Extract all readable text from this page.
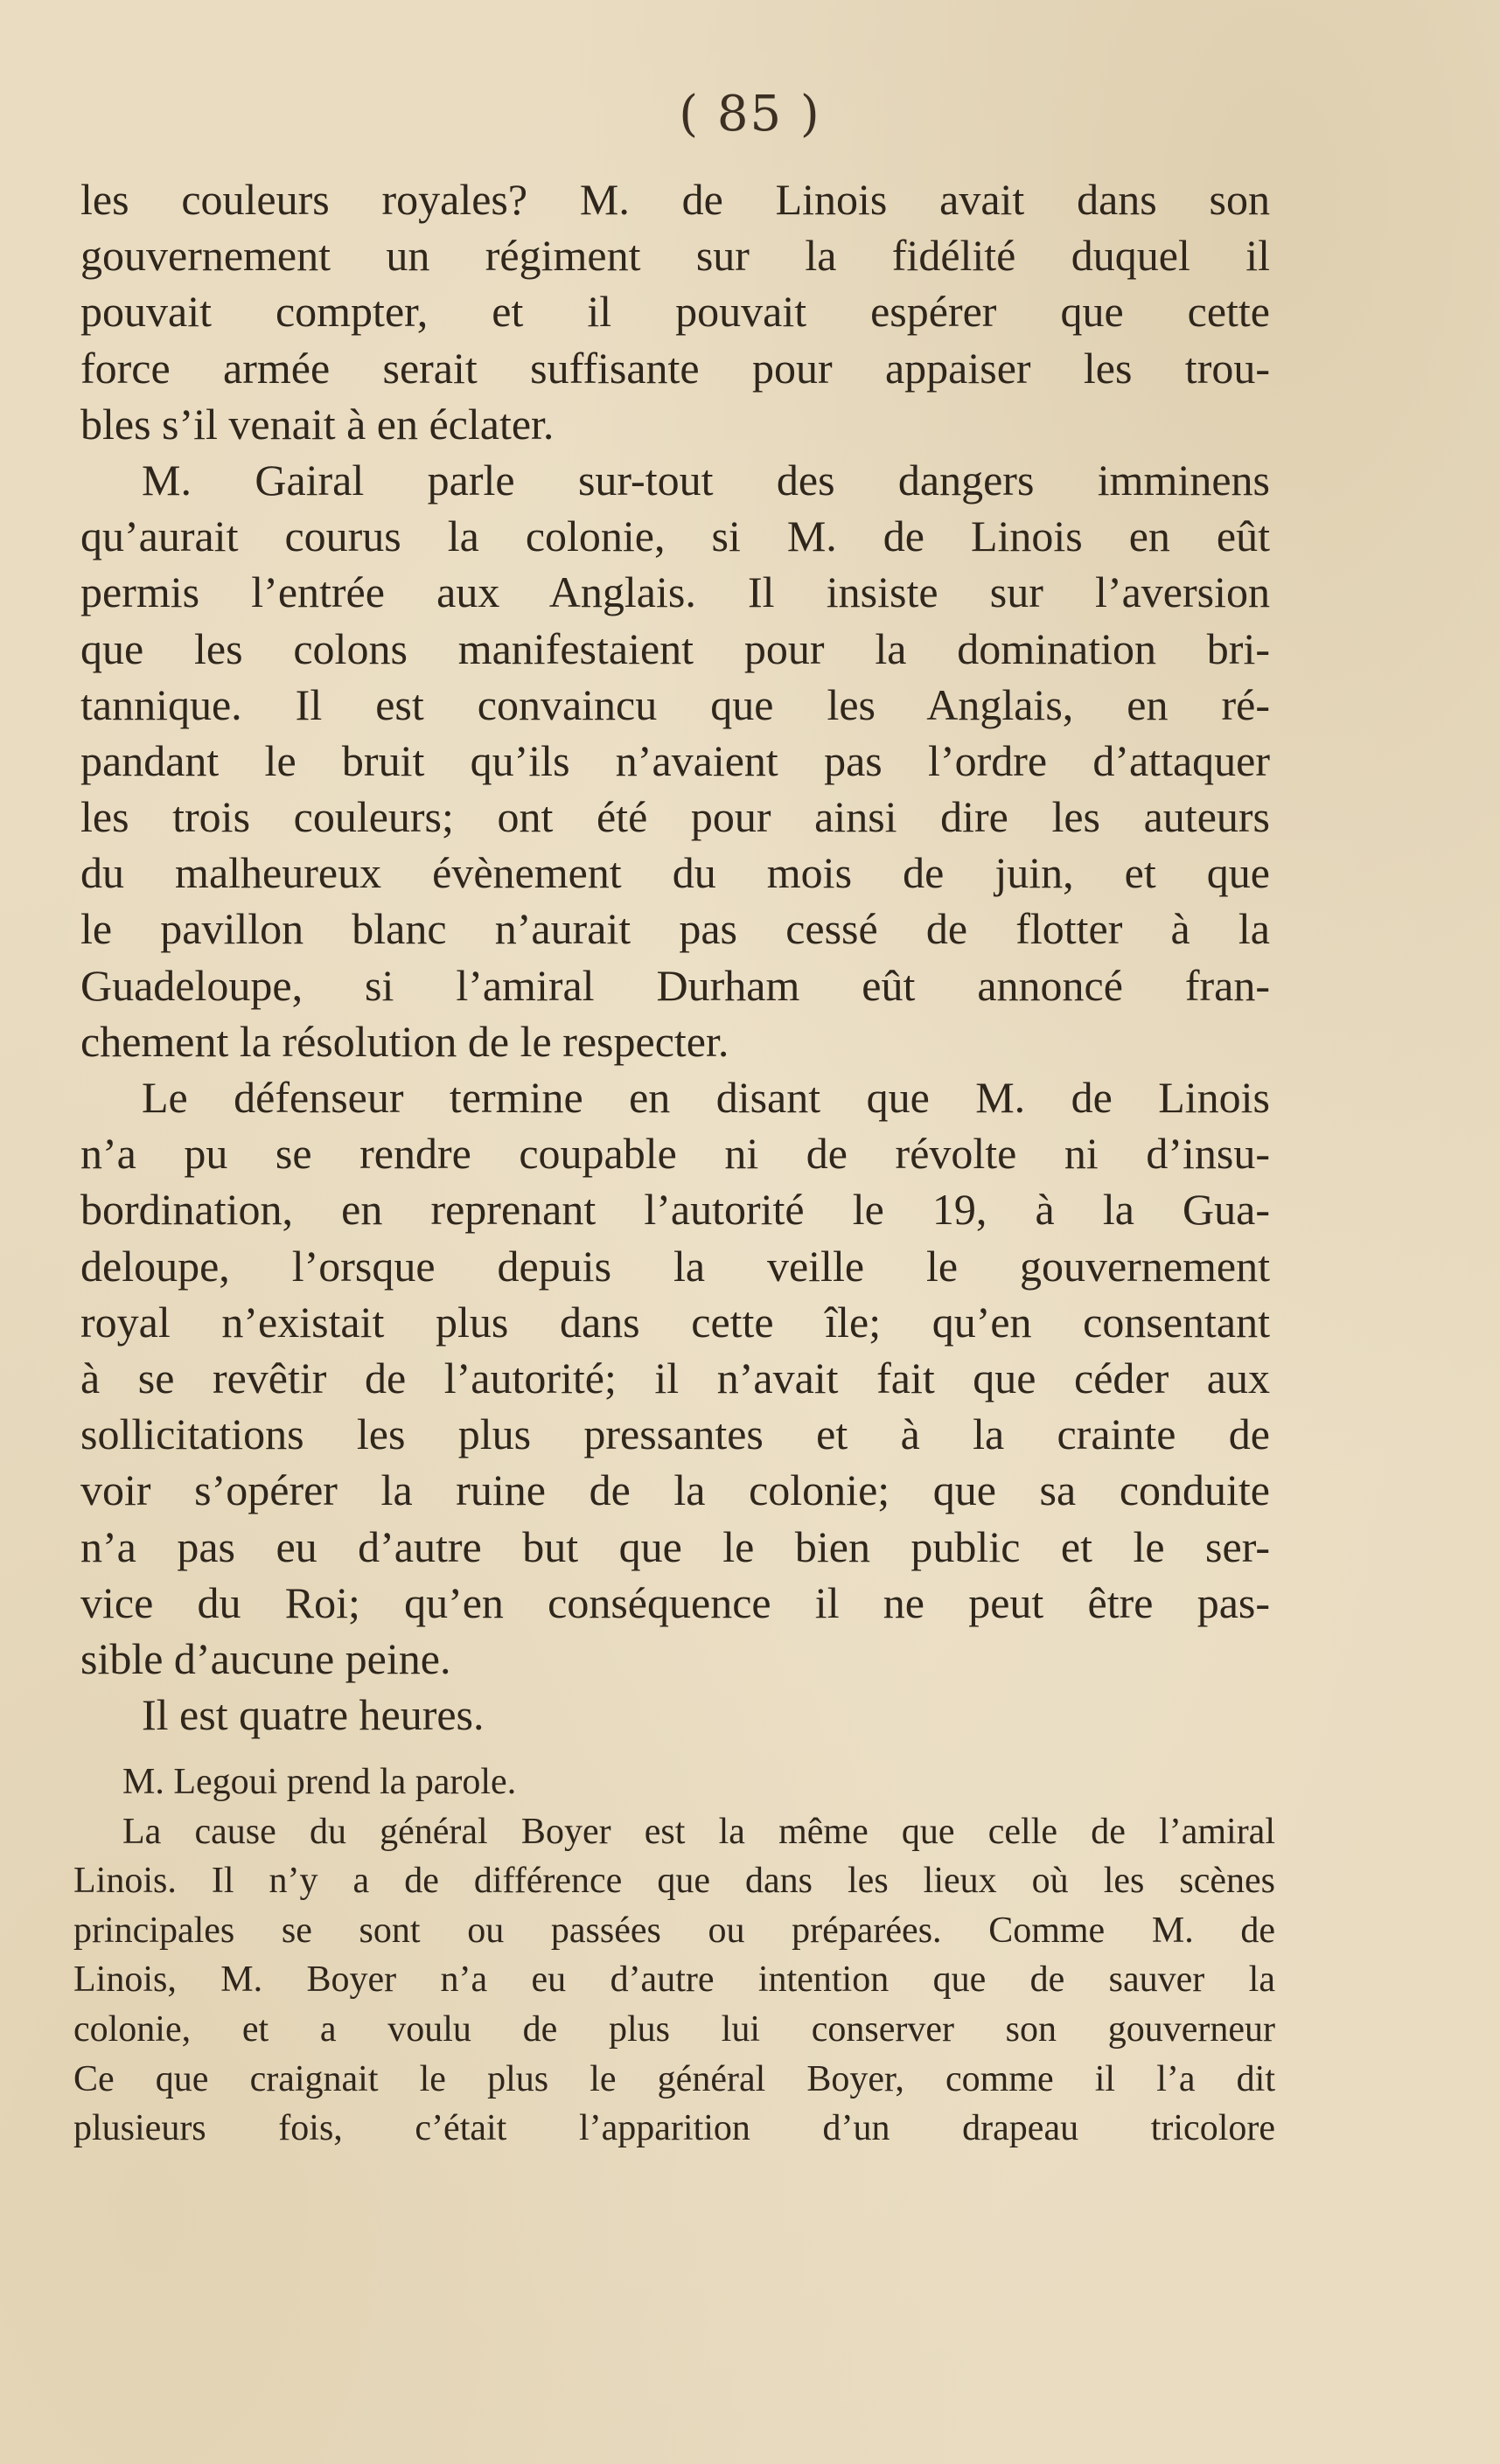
( 85 )
les couleurs royales? M. de Linois avait dans son
gouvernement un régiment sur la fidélité duquel il
pouvait compter, et il pouvait espérer que cette
force armée serait suffisante pour appaiser les trou-
bles s’il venait à en éclater.
M. Gairal parle sur-tout des dangers imminens
qu’aurait courus la colonie, si M. de Linois en eût
permis l’entrée aux Anglais. Il insiste sur l’aversion
que les colons manifestaient pour la domination bri-
tannique. Il est convaincu que les Anglais, en ré-
pandant le bruit qu’ils n’avaient pas l’ordre d’attaquer
les trois couleurs; ont été pour ainsi dire les auteurs
du malheureux évènement du mois de juin, et que
le pavillon blanc n’aurait pas cessé de flotter à la
Guadeloupe, si l’amiral Durham eût annoncé fran-
chement la résolution de le respecter.
Le défenseur termine en disant que M. de Linois
n’a pu se rendre coupable ni de révolte ni d’insu-
bordination, en reprenant l’autorité le 19, à la Gua-
deloupe, l’orsque depuis la veille le gouvernement
royal n’existait plus dans cette île; qu’en consentant
à se revêtir de l’autorité; il n’avait fait que céder aux
sollicitations les plus pressantes et à la crainte de
voir s’opérer la ruine de la colonie; que sa conduite
n’a pas eu d’autre but que le bien public et le ser-
vice du Roi; qu’en conséquence il ne peut être pas-
sible d’aucune peine.
Il est quatre heures.
M. Legoui prend la parole.
La cause du général Boyer est la même que celle de l’amiral
Linois. Il n’y a de différence que dans les lieux où les scènes
principales se sont ou passées ou préparées. Comme M. de
Linois, M. Boyer n’a eu d’autre intention que de sauver la
colonie, et a voulu de plus lui conserver son gouverneur
Ce que craignait le plus le général Boyer, comme il l’a dit
plusieurs fois, c’était l’apparition d’un drapeau tricolore
